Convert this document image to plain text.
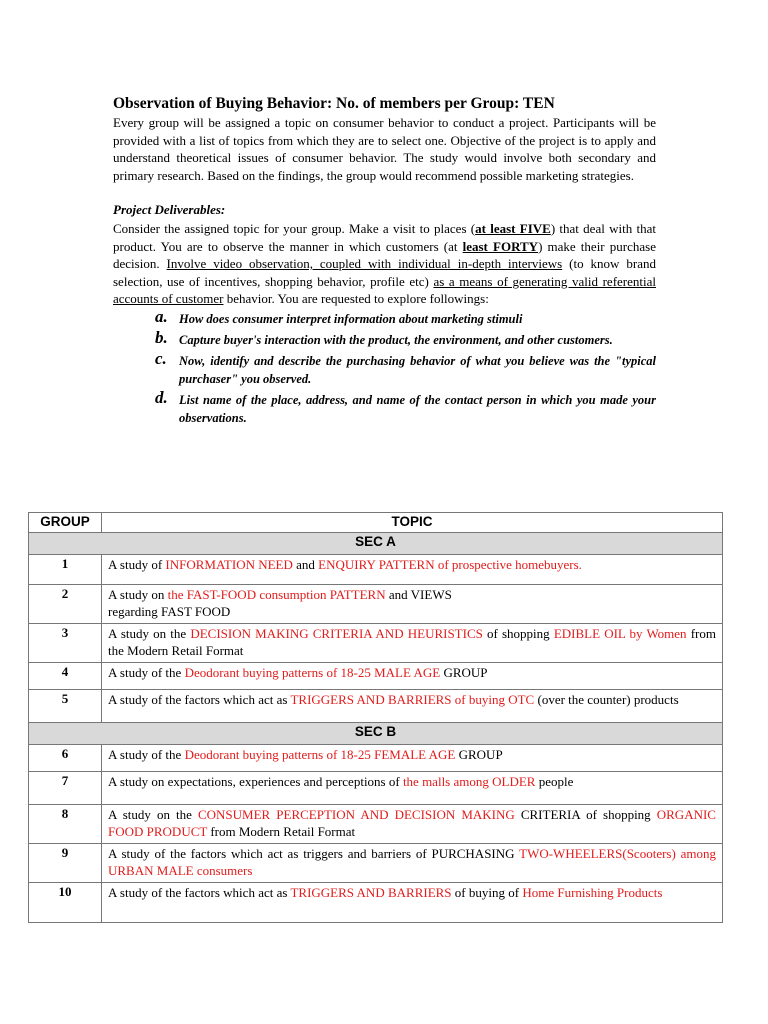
Observation of Buying Behavior: No. of members per Group: TEN

Every group will be assigned a topic on consumer behavior to conduct a project. Participants will be provided with a list of topics from which they are to select one. Objective of the project is to apply and understand theoretical issues of consumer behavior. The study would involve both secondary and primary research. Based on the findings, the group would recommend possible marketing strategies.

Project Deliverables:

Consider the assigned topic for your group. Make a visit to places (at least FIVE) that deal with that product. You are to observe the manner in which customers (at least FORTY) make their purchase decision. Involve video observation, coupled with individual in-depth interviews (to know brand selection, use of incentives, shopping behavior, profile etc) as a means of generating valid referential accounts of customer behavior. You are requested to explore followings:

a. How does consumer interpret information about marketing stimuli
b. Capture buyer's interaction with the product, the environment, and other customers.
c. Now, identify and describe the purchasing behavior of what you believe was the "typical purchaser" you observed.
d. List name of the place, address, and name of the contact person in which you made your observations.
GROUP	TOPIC
SEC A	
1	A study of INFORMATION NEED and ENQUIRY PATTERN of prospective homebuyers.
2	A study on the FAST-FOOD consumption PATTERN and VIEWS
regarding FAST FOOD
3	A study on the DECISION MAKING CRITERIA AND HEURISTICS of shopping EDIBLE OIL by Women from the Modern Retail Format
4	A study of the Deodorant buying patterns of 18-25 MALE AGE GROUP
5	A study of the factors which act as TRIGGERS AND BARRIERS of buying OTC (over the counter) products
SEC B	
6	A study of the Deodorant buying patterns of 18-25 FEMALE AGE GROUP
7	A study on expectations, experiences and perceptions of the malls among OLDER people
8	A study on the CONSUMER PERCEPTION AND DECISION MAKING CRITERIA of shopping ORGANIC FOOD PRODUCT from Modern Retail Format
9	A study of the factors which act as triggers and barriers of PURCHASING TWO-WHEELERS(Scooters) among URBAN MALE consumers
10	A study of the factors which act as TRIGGERS AND BARRIERS of buying of Home Furnishing Products
